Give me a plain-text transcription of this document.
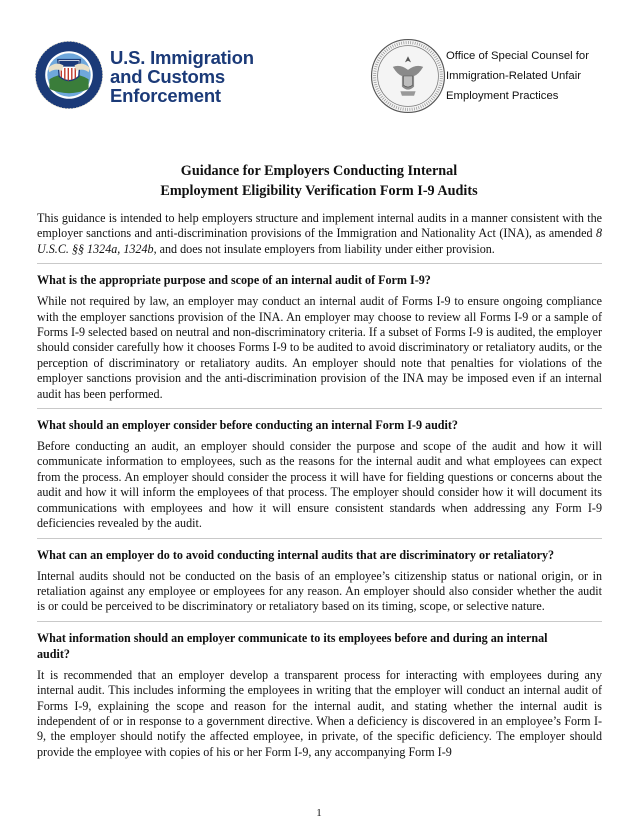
U.S. Immigration
and Customs
Enforcement
Office of Special Counsel for
Immigration-Related Unfair
Employment Practices
Guidance for Employers Conducting Internal
Employment Eligibility Verification Form I-9 Audits

This guidance is intended to help employers structure and implement internal audits in a manner consistent with the employer sanctions and anti-discrimination provisions of the Immigration and Nationality Act (INA), as amended 8 U.S.C. §§ 1324a, 1324b, and does not insulate employers from liability under either provision.

What is the appropriate purpose and scope of an internal audit of Form I-9?

While not required by law, an employer may conduct an internal audit of Forms I-9 to ensure ongoing compliance with the employer sanctions provision of the INA. An employer may choose to review all Forms I-9 or a sample of Forms I-9 selected based on neutral and non-discriminatory criteria. If a subset of Forms I-9 is audited, the employer should consider carefully how it chooses Forms I-9 to be audited to avoid discriminatory or retaliatory audits, or the perception of discriminatory or retaliatory audits. An employer should note that penalties for violations of the employer sanctions provision and the anti-discrimination provision of the INA may be imposed even if an internal audit has been performed.

What should an employer consider before conducting an internal Form I-9 audit?

Before conducting an audit, an employer should consider the purpose and scope of the audit and how it will communicate information to employees, such as the reasons for the internal audit and what employees can expect from the process. An employer should consider the process it will have for fielding questions or concerns about the audit and how it will inform the employees of that process. The employer should consider how it will document its communications with employees and how it will ensure consistent standards when addressing any Form I-9 deficiencies revealed by the audit.

What can an employer do to avoid conducting internal audits that are discriminatory or retaliatory?

Internal audits should not be conducted on the basis of an employee’s citizenship status or national origin, or in retaliation against any employee or employees for any reason. An employer should also consider whether the audit is or could be perceived to be discriminatory or retaliatory based on its timing, scope, or selective nature.

What information should an employer communicate to its employees before and during an internal audit?

It is recommended that an employer develop a transparent process for interacting with employees during any internal audit. This includes informing the employees in writing that the employer will conduct an internal audit of Forms I-9, explaining the scope and reason for the internal audit, and stating whether the internal audit is independent of or in response to a government directive. When a deficiency is discovered in an employee’s Form I-9, the employer should notify the affected employee, in private, of the specific deficiency. The employer should provide the employee with copies of his or her Form I-9, any accompanying Form I-9

1
